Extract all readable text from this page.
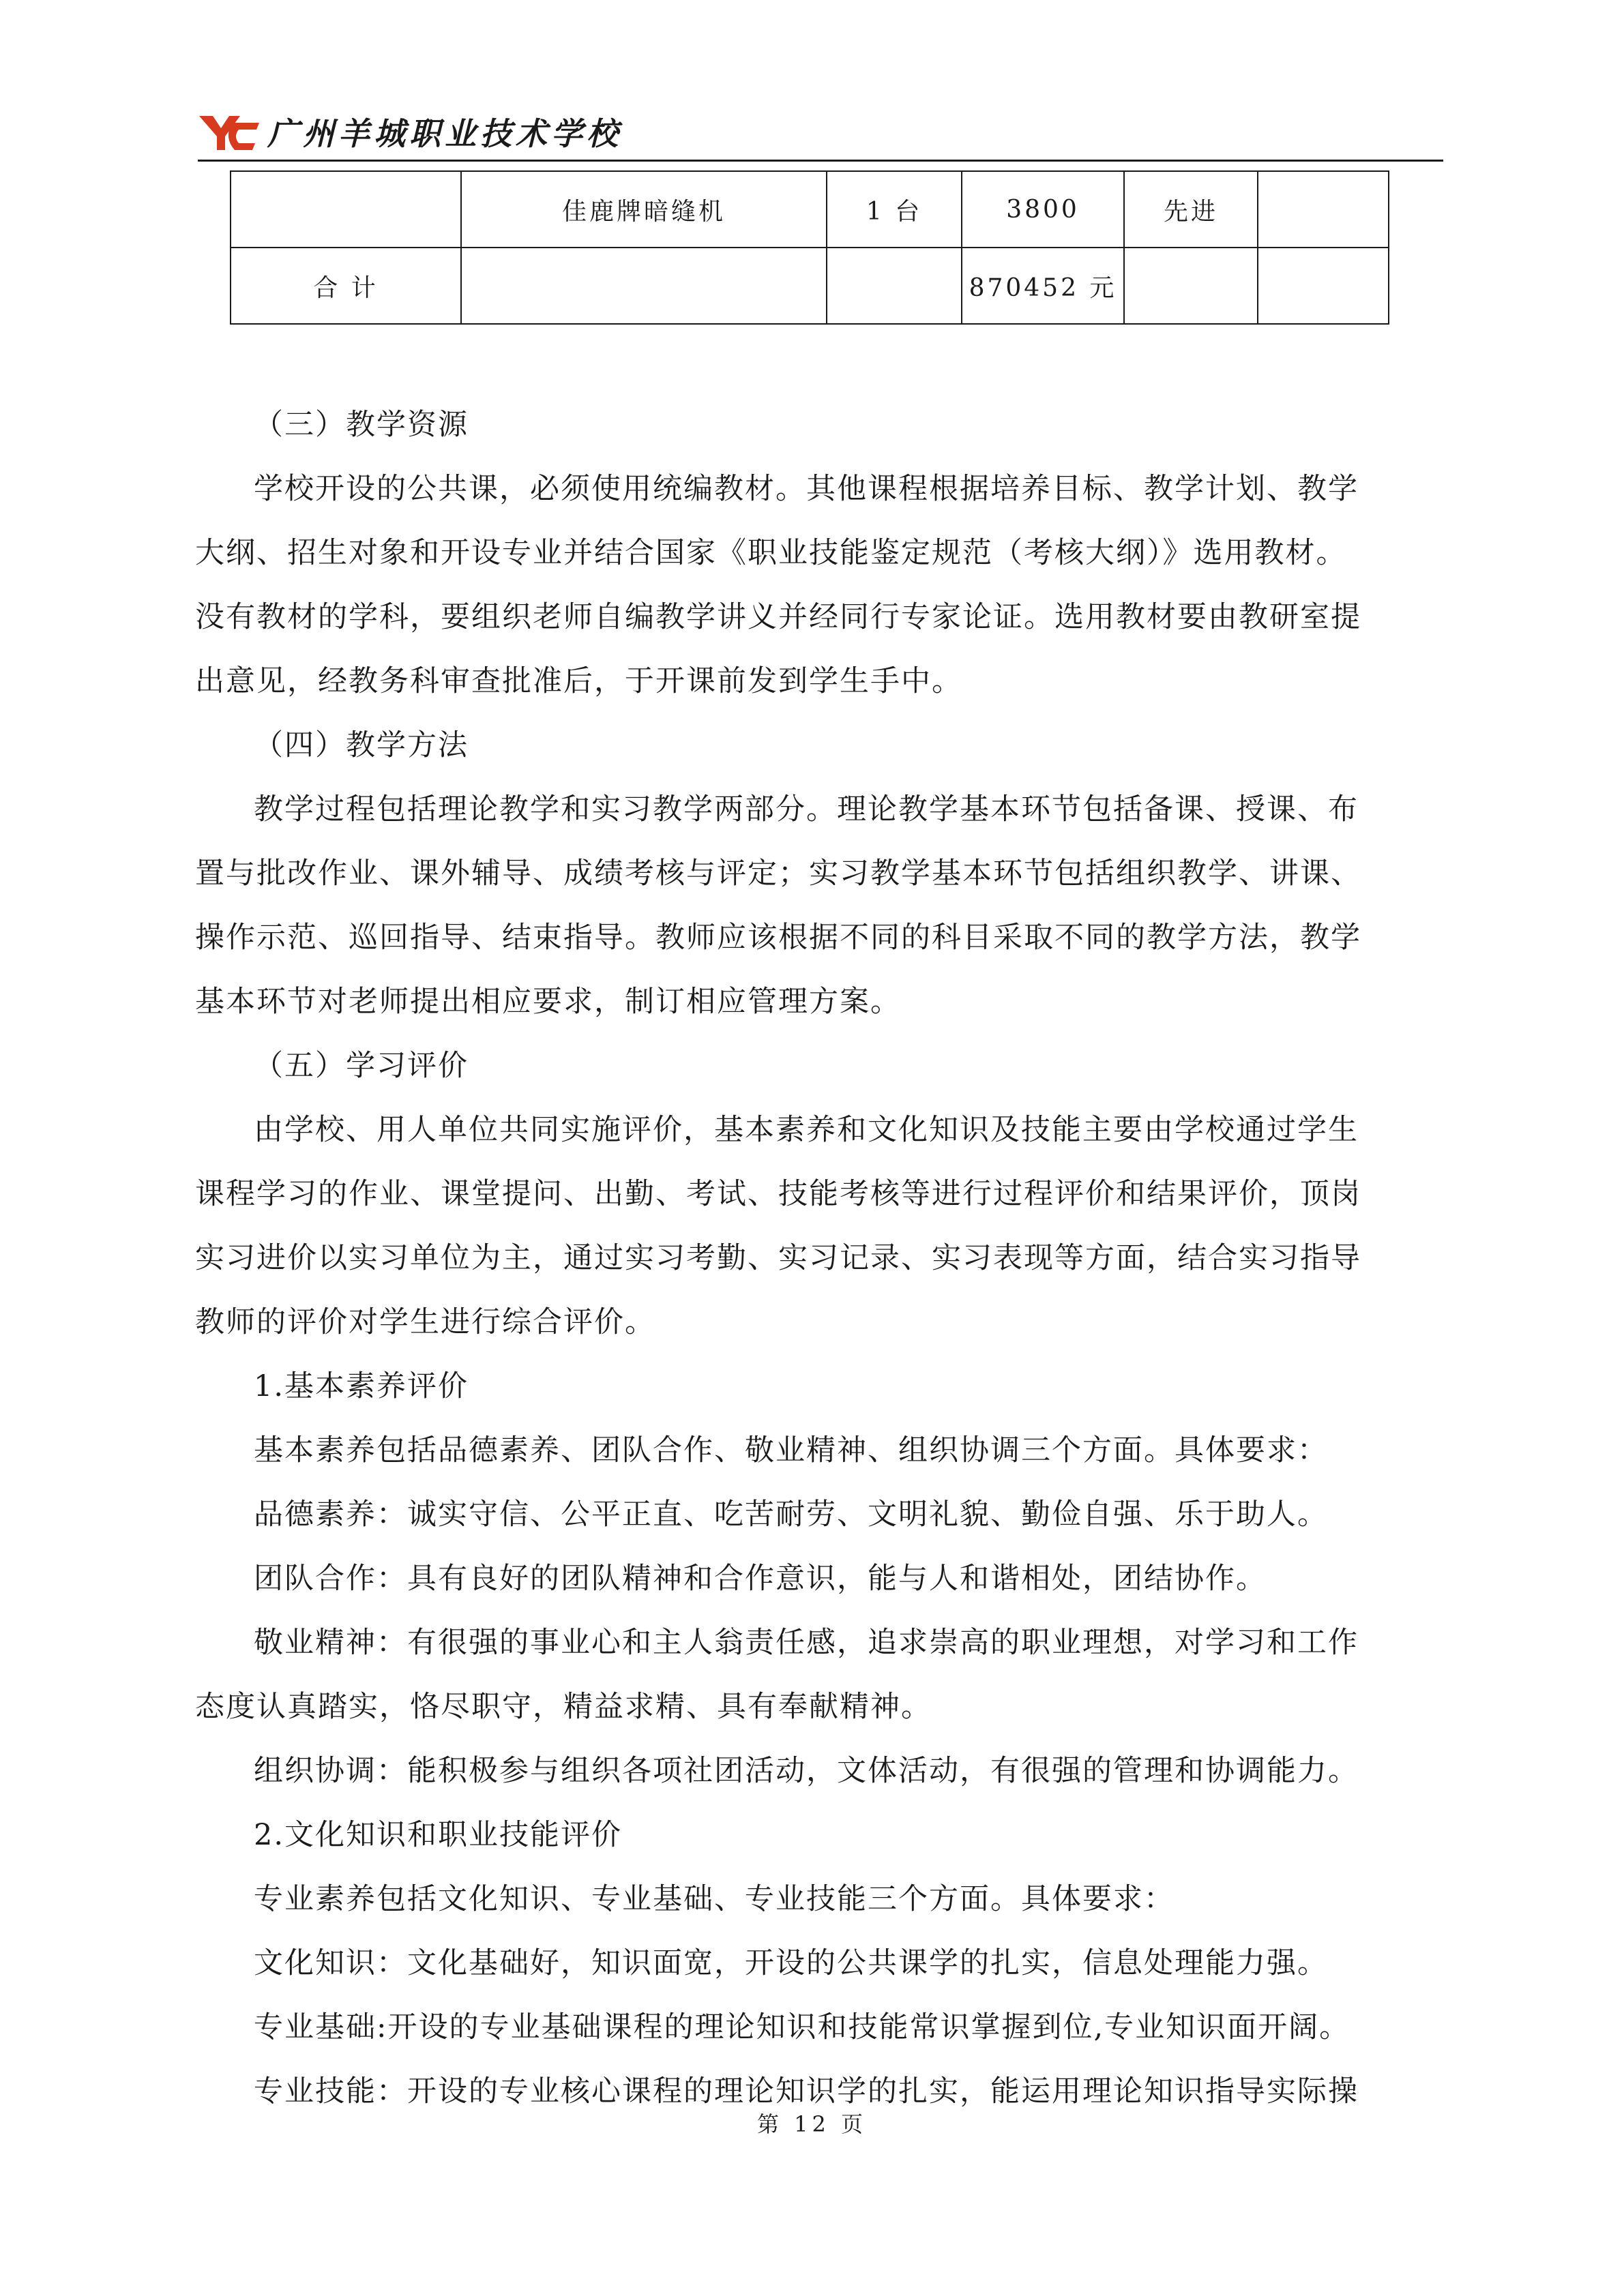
广州羊城职业技术学校
	佳鹿牌暗缝机	1 台	3800	先进	
合 计			870452 元		
（三）教学资源
学校开设的公共课，必须使用统编教材。其他课程根据培养目标、教学计划、教学
大纲、招生对象和开设专业并结合国家《职业技能鉴定规范（考核大纲）》选用教材。
没有教材的学科，要组织老师自编教学讲义并经同行专家论证。选用教材要由教研室提
出意见，经教务科审查批准后，于开课前发到学生手中。
（四）教学方法
教学过程包括理论教学和实习教学两部分。理论教学基本环节包括备课、授课、布
置与批改作业、课外辅导、成绩考核与评定；实习教学基本环节包括组织教学、讲课、
操作示范、巡回指导、结束指导。教师应该根据不同的科目采取不同的教学方法，教学
基本环节对老师提出相应要求，制订相应管理方案。
（五）学习评价
由学校、用人单位共同实施评价，基本素养和文化知识及技能主要由学校通过学生
课程学习的作业、课堂提问、出勤、考试、技能考核等进行过程评价和结果评价，顶岗
实习进价以实习单位为主，通过实习考勤、实习记录、实习表现等方面，结合实习指导
教师的评价对学生进行综合评价。
1.基本素养评价
基本素养包括品德素养、团队合作、敬业精神、组织协调三个方面。具体要求：
品德素养：诚实守信、公平正直、吃苦耐劳、文明礼貌、勤俭自强、乐于助人。
团队合作：具有良好的团队精神和合作意识，能与人和谐相处，团结协作。
敬业精神：有很强的事业心和主人翁责任感，追求崇高的职业理想，对学习和工作
态度认真踏实，恪尽职守，精益求精、具有奉献精神。
组织协调：能积极参与组织各项社团活动，文体活动，有很强的管理和协调能力。
2.文化知识和职业技能评价
专业素养包括文化知识、专业基础、专业技能三个方面。具体要求：
文化知识：文化基础好，知识面宽，开设的公共课学的扎实，信息处理能力强。
专业基础:开设的专业基础课程的理论知识和技能常识掌握到位,专业知识面开阔。
专业技能：开设的专业核心课程的理论知识学的扎实，能运用理论知识指导实际操
第 12 页
